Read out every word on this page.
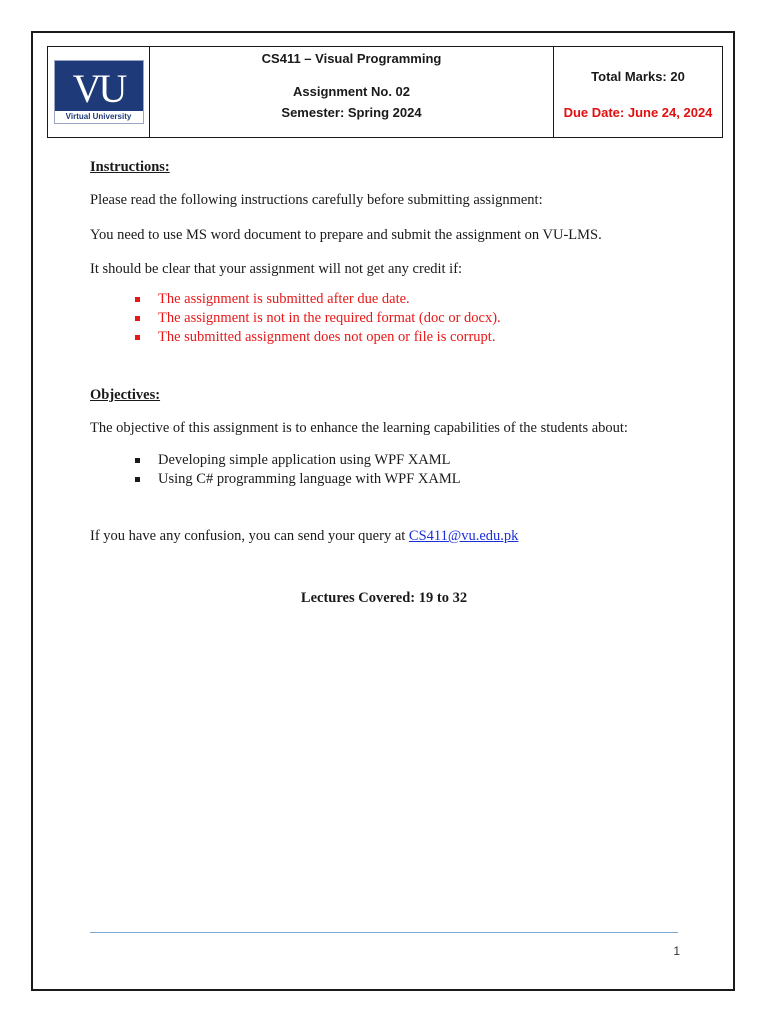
VU
Virtual University
CS411 – Visual Programming
Assignment No. 02
Semester: Spring 2024
Total Marks: 20
Due Date: June 24, 2024
Instructions:
Please read the following instructions carefully before submitting assignment:
You need to use MS word document to prepare and submit the assignment on VU-LMS.
It should be clear that your assignment will not get any credit if:
The assignment is submitted after due date.
The assignment is not in the required format (doc or docx).
The submitted assignment does not open or file is corrupt.
Objectives:
The objective of this assignment is to enhance the learning capabilities of the students about:
Developing simple application using WPF XAML
Using C# programming language with WPF XAML
If you have any confusion, you can send your query at CS411@vu.edu.pk
Lectures Covered: 19 to 32
1
